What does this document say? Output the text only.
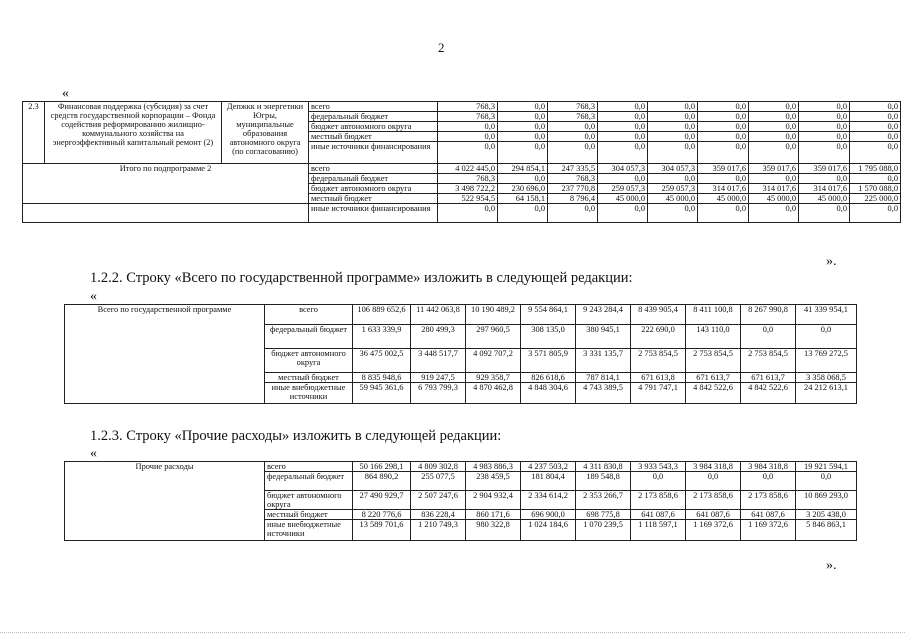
2
«
2.3	Финансовая поддержка (субсидия) за счет средств государственной корпорации – Фонда содействия реформированию жилищно-коммунального хозяйства на энергоэффективный капитальный ремонт (2)	Депжкк и энергетики Югры, муниципальные образования автономного округа (по согласованию)	всего	768,3	0,0	768,3	0,0	0,0	0,0	0,0	0,0	0,0
			федеральный бюджет	768,3	0,0	768,3	0,0	0,0	0,0	0,0	0,0	0,0
			бюджет автономного округа	0,0	0,0	0,0	0,0	0,0	0,0	0,0	0,0	0,0
			местный бюджет	0,0	0,0	0,0	0,0	0,0	0,0	0,0	0,0	0,0
			иные источники финансирования	0,0	0,0	0,0	0,0	0,0	0,0	0,0	0,0	0,0
Итого по подпрограмме 2			всего	4 022 445,0	294 854,1	247 335,5	304 057,3	304 057,3	359 017,6	359 017,6	359 017,6	1 795 088,0
			федеральный бюджет	768,3	0,0	768,3	0,0	0,0	0,0	0,0	0,0	0,0
			бюджет автономного округа	3 498 722,2	230 696,0	237 770,8	259 057,3	259 057,3	314 017,6	314 017,6	314 017,6	1 570 088,0
			местный бюджет	522 954,5	64 158,1	8 796,4	45 000,0	45 000,0	45 000,0	45 000,0	45 000,0	225 000,0
			иные источники финансирования	0,0	0,0	0,0	0,0	0,0	0,0	0,0	0,0	0,0
».
1.2.2. Строку «Всего по государственной программе» изложить в следующей редакции:
«
Всего по государственной программе	всего	106 889 652,6	11 442 063,8	10 190 489,2	9 554 864,1	9 243 284,4	8 439 905,4	8 411 100,8	8 267 990,8	41 339 954,1
	федеральный бюджет	1 633 339,9	280 499,3	297 960,5	308 135,0	380 945,1	222 690,0	143 110,0	0,0	0,0
	бюджет автономного округа	36 475 002,5	3 448 517,7	4 092 707,2	3 571 805,9	3 331 135,7	2 753 854,5	2 753 854,5	2 753 854,5	13 769 272,5
	местный бюджет	8 835 948,6	919 247,5	929 358,7	826 618,6	787 814,1	671 613,8	671 613,7	671 613,7	3 358 068,5
	иные внебюджетные источники	59 945 361,6	6 793 799,3	4 870 462,8	4 848 304,6	4 743 389,5	4 791 747,1	4 842 522,6	4 842 522,6	24 212 613,1
1.2.3. Строку «Прочие расходы» изложить в следующей редакции:
«
Прочие расходы	всего	50 166 298,1	4 809 302,8	4 983 886,3	4 237 503,2	4 311 830,8	3 933 543,3	3 984 318,8	3 984 318,8	19 921 594,1
	федеральный бюджет	864 890,2	255 077,5	238 459,5	181 804,4	189 548,8	0,0	0,0	0,0	0,0
	бюджет автономного округа	27 490 929,7	2 507 247,6	2 904 932,4	2 334 614,2	2 353 266,7	2 173 858,6	2 173 858,6	2 173 858,6	10 869 293,0
	местный бюджет	8 220 776,6	836 228,4	860 171,6	696 900,0	698 775,8	641 087,6	641 087,6	641 087,6	3 205 438,0
	иные внебюджетные источники	13 589 701,6	1 210 749,3	980 322,8	1 024 184,6	1 070 239,5	1 118 597,1	1 169 372,6	1 169 372,6	5 846 863,1
».
